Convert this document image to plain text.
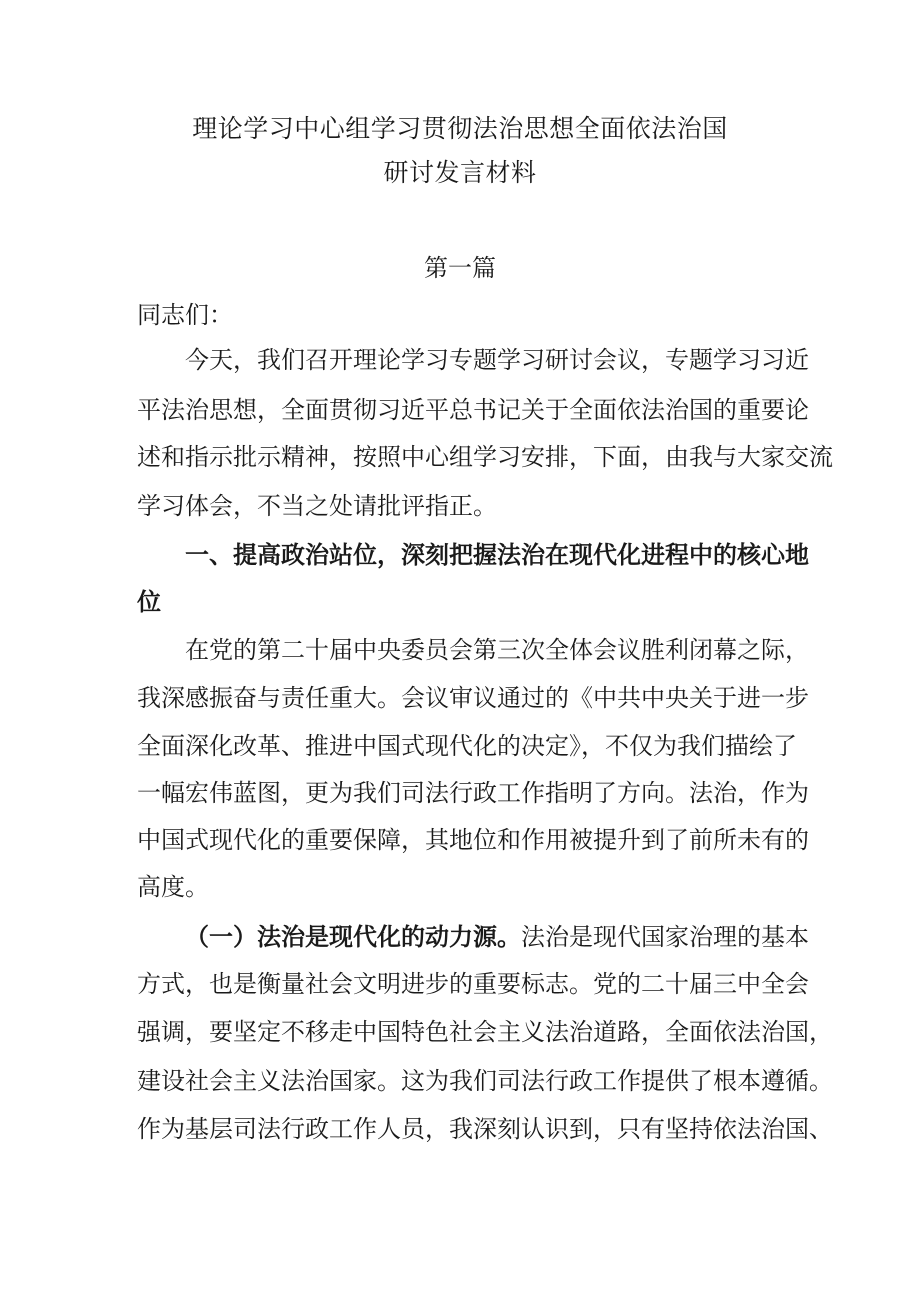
理论学习中心组学习贯彻法治思想全面依法治国
研讨发言材料
第一篇

同志们：

今天，我们召开理论学习专题学习研讨会议，专题学习习近

平法治思想，全面贯彻习近平总书记关于全面依法治国的重要论

述和指示批示精神，按照中心组学习安排，下面，由我与大家交流

学习体会，不当之处请批评指正。

一、提高政治站位，深刻把握法治在现代化进程中的核心地

位

在党的第二十届中央委员会第三次全体会议胜利闭幕之际，

我深感振奋与责任重大。会议审议通过的《中共中央关于进一步

全面深化改革、推进中国式现代化的决定》，不仅为我们描绘了

一幅宏伟蓝图，更为我们司法行政工作指明了方向。法治，作为

中国式现代化的重要保障，其地位和作用被提升到了前所未有的

高度。

（一）法治是现代化的动力源。法治是现代国家治理的基本

方式，也是衡量社会文明进步的重要标志。党的二十届三中全会

强调，要坚定不移走中国特色社会主义法治道路，全面依法治国，

建设社会主义法治国家。这为我们司法行政工作提供了根本遵循。

作为基层司法行政工作人员，我深刻认识到，只有坚持依法治国、
